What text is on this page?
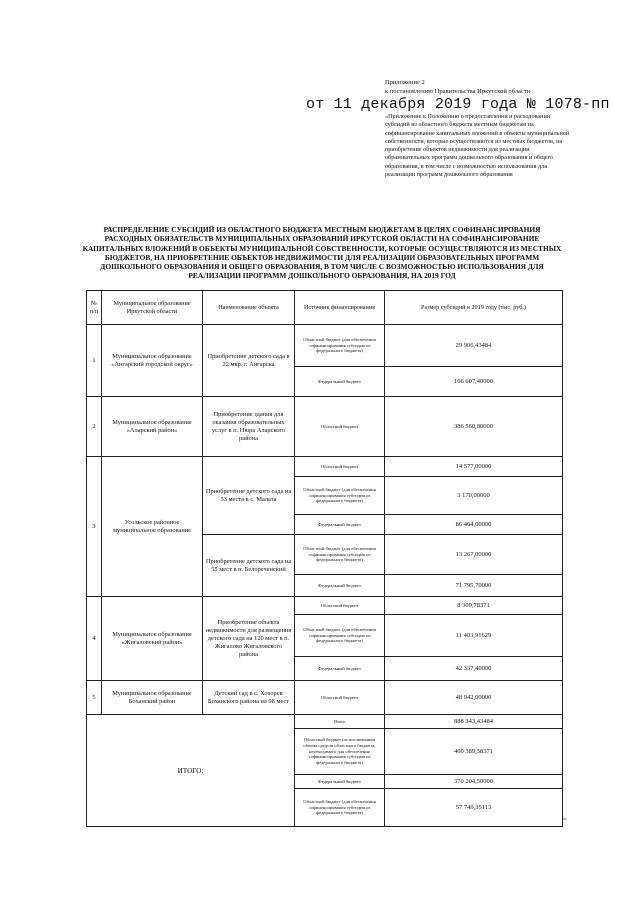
Приложение 2
к постановлению Правительства Иркутской области
от 11 декабря 2019 года № 1078-пп
«Приложение к Положению о предоставлении и расходовании субсидий из областного бюджета местным бюджетам на софинансирование капитальных вложений в объекты муниципальной собственности, которые осуществляются из местных бюджетов, на приобретение объектов недвижимости для реализации образовательных программ дошкольного образования и общего образования, в том числе с возможностью использования для реализации программ дошкольного образования
РАСПРЕДЕЛЕНИЕ СУБСИДИЙ ИЗ ОБЛАСТНОГО БЮДЖЕТА МЕСТНЫМ БЮДЖЕТАМ В ЦЕЛЯХ СОФИНАНСИРОВАНИЯ РАСХОДНЫХ ОБЯЗАТЕЛЬСТВ МУНИЦИПАЛЬНЫХ ОБРАЗОВАНИЙ ИРКУТСКОЙ ОБЛАСТИ НА СОФИНАНСИРОВАНИЕ КАПИТАЛЬНЫХ ВЛОЖЕНИЙ В ОБЪЕКТЫ МУНИЦИПАЛЬНОЙ СОБСТВЕННОСТИ, КОТОРЫЕ ОСУЩЕСТВЛЯЮТСЯ ИЗ МЕСТНЫХ БЮДЖЕТОВ, НА ПРИОБРЕТЕНИЕ ОБЪЕКТОВ НЕДВИЖИМОСТИ ДЛЯ РЕАЛИЗАЦИИ ОБРАЗОВАТЕЛЬНЫХ ПРОГРАММ ДОШКОЛЬНОГО ОБРАЗОВАНИЯ И ОБЩЕГО ОБРАЗОВАНИЯ, В ТОМ ЧИСЛЕ С ВОЗМОЖНОСТЬЮ ИСПОЛЬЗОВАНИЯ ДЛЯ РЕАЛИЗАЦИИ ПРОГРАММ ДОШКОЛЬНОГО ОБРАЗОВАНИЯ, НА 2019 ГОД
№ п/п	Муниципальное образование Иркутской области	Наименование объекта	Источник финансирования	Размер субсидий в 2019 году (тыс. руб.)
1	Муниципальное образование «Ангарский городской округ»	Приобретение детского сада в 22 мкр. г. Ангарска	Областной бюджет (для обеспечения софинансирования субсидии из федерального бюджета)	29 906,43484
			Федеральный бюджет	166 607,40000
2	Муниципальное образование «Аларский район»	Приобретение здания для оказания образовательных услуг в п. Нюра Аларского района	Областной бюджет	386 560,80000
3	Усольское районное муниципальное образование	Приобретение детского сада на 53 места в с. Мальта	Областной бюджет	14 577,00000
			Областной бюджет (для обеспечения софинансирования субсидии из федерального бюджета)	3 170,00000
			Федеральный бюджет	86 464,00000
		Приобретение детского сада на 55 мест в п. Белореченский	Областной бюджет (для обеспечения софинансирования субсидии из федерального бюджета)	13 267,00000
			Федеральный бюджет	71 795,70000
4	Муниципальное образование «Жигаловский район»	Приобретение объекта недвижимости для размещения детского сада на 120 мест в п. Жигалово Жигаловского района	Областной бюджет	8 309,78371
			Областной бюджет (для обеспечения софинансирования субсидии из федерального бюджета)	11 403,91629
			Федеральный бюджет	42 337,40000
5	Муниципальное образование Боханский район	Детский сад в с. Хохорск Боханского района на 98 мест	Областной бюджет	48 942,00000
ИТОГО:			Итого	888 343,43484
			Областной бюджет (за исключением объема средств областного бюджета, необходимого для обеспечения софинансирования субсидии из федерального бюджета)	460 389,58371
			Федеральный бюджет	370 204,50000
			Областной бюджет (для обеспечения софинансирования субсидии из федерального бюджета)	57 749,35113
».
